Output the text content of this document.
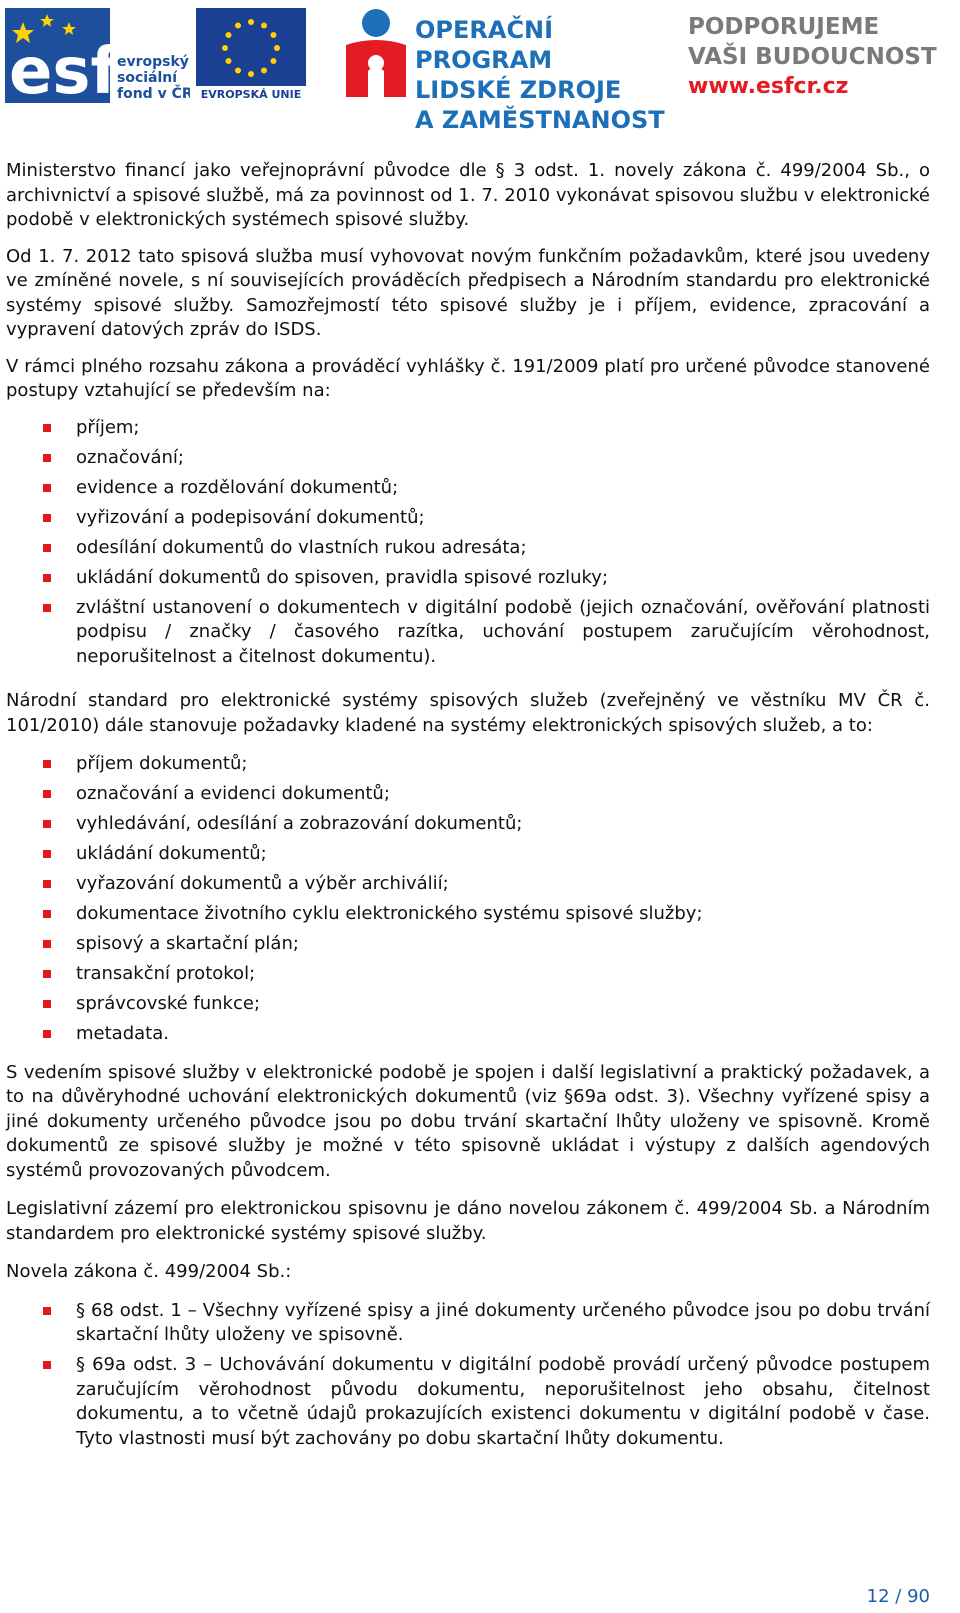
esf
evropský
sociální
fond v ČR EVROPSKÁ UNIE
OPERAČNÍ PROGRAM
LIDSKÉ ZDROJE
A ZAMĚSTNANOST
PODPORUJEME
VAŠI BUDOUCNOST
www.esfcr.cz

Ministerstvo financí jako veřejnoprávní původce dle § 3 odst. 1. novely zákona č. 499/2004 Sb., o archivnictví a spisové službě, má za povinnost od 1. 7. 2010 vykonávat spisovou službu v elektronické podobě v elektronických systémech spisové služby.

Od 1. 7. 2012 tato spisová služba musí vyhovovat novým funkčním požadavkům, které jsou uvedeny ve zmíněné novele, s ní souvisejících prováděcích předpisech a Národním standardu pro elektronické systémy spisové služby. Samozřejmostí této spisové služby je i příjem, evidence, zpracování a vypravení datových zpráv do ISDS.

V rámci plného rozsahu zákona a prováděcí vyhlášky č. 191/2009 platí pro určené původce stanovené postupy vztahující se především na:

příjem;
označování;
evidence a rozdělování dokumentů;
vyřizování a podepisování dokumentů;
odesílání dokumentů do vlastních rukou adresáta;
ukládání dokumentů do spisoven, pravidla spisové rozluky;
zvláštní ustanovení o dokumentech v digitální podobě (jejich označování, ověřování platnosti podpisu / značky / časového razítka, uchování postupem zaručujícím věrohodnost, neporušitelnost a čitelnost dokumentu).

Národní standard pro elektronické systémy spisových služeb (zveřejněný ve věstníku MV ČR č. 101/2010) dále stanovuje požadavky kladené na systémy elektronických spisových služeb, a to:

příjem dokumentů;
označování a evidenci dokumentů;
vyhledávání, odesílání a zobrazování dokumentů;
ukládání dokumentů;
vyřazování dokumentů a výběr archiválií;
dokumentace životního cyklu elektronického systému spisové služby;
spisový a skartační plán;
transakční protokol;
správcovské funkce;
metadata.

S vedením spisové služby v elektronické podobě je spojen i další legislativní a praktický požadavek, a to na důvěryhodné uchování elektronických dokumentů (viz §69a odst. 3). Všechny vyřízené spisy a jiné dokumenty určeného původce jsou po dobu trvání skartační lhůty uloženy ve spisovně. Kromě dokumentů ze spisové služby je možné v této spisovně ukládat i výstupy z dalších agendových systémů provozovaných původcem.

Legislativní zázemí pro elektronickou spisovnu je dáno novelou zákonem č. 499/2004 Sb. a Národním standardem pro elektronické systémy spisové služby.

Novela zákona č. 499/2004 Sb.:

§ 68 odst. 1 – Všechny vyřízené spisy a jiné dokumenty určeného původce jsou po dobu trvání skartační lhůty uloženy ve spisovně.
§ 69a odst. 3 – Uchovávání dokumentu v digitální podobě provádí určený původce postupem zaručujícím věrohodnost původu dokumentu, neporušitelnost jeho obsahu, čitelnost dokumentu, a to včetně údajů prokazujících existenci dokumentu v digitální podobě v čase. Tyto vlastnosti musí být zachovány po dobu skartační lhůty dokumentu.
12 / 90
